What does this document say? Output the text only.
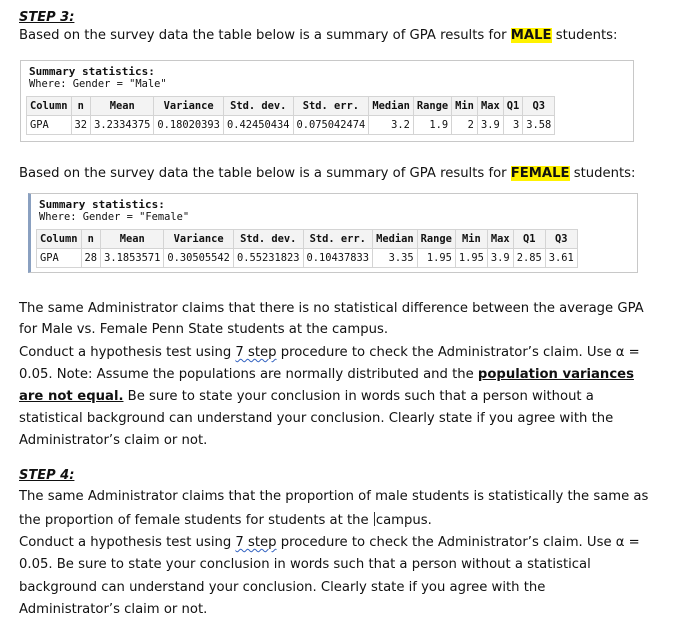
STEP 3:
Based on the survey data the table below is a summary of GPA results for MALE students:
Summary statistics:
Where: Gender = "Male"
Column	n	Mean	Variance	Std. dev.	Std. err.	Median	Range	Min	Max	Q1	Q3
GPA	32	3.2334375	0.18020393	0.42450434	0.075042474	3.2	1.9	2	3.9	3	3.58
Based on the survey data the table below is a summary of GPA results for FEMALE students:
Summary statistics:
Where: Gender = "Female"
Column	n	Mean	Variance	Std. dev.	Std. err.	Median	Range	Min	Max	Q1	Q3
GPA	28	3.1853571	0.30505542	0.55231823	0.10437833	3.35	1.95	1.95	3.9	2.85	3.61
The same Administrator claims that there is no statistical difference between the average GPA
for Male vs. Female Penn State students at the campus.
Conduct a hypothesis test using 7 step procedure to check the Administrator’s claim. Use α =
0.05. Note: Assume the populations are normally distributed and the population variances
are not equal. Be sure to state your conclusion in words such that a person without a
statistical background can understand your conclusion. Clearly state if you agree with the
Administrator’s claim or not.
STEP 4:
The same Administrator claims that the proportion of male students is statistically the same as
the proportion of female students for students at the campus.
Conduct a hypothesis test using 7 step procedure to check the Administrator’s claim. Use α =
0.05. Be sure to state your conclusion in words such that a person without a statistical
background can understand your conclusion. Clearly state if you agree with the
Administrator’s claim or not.
